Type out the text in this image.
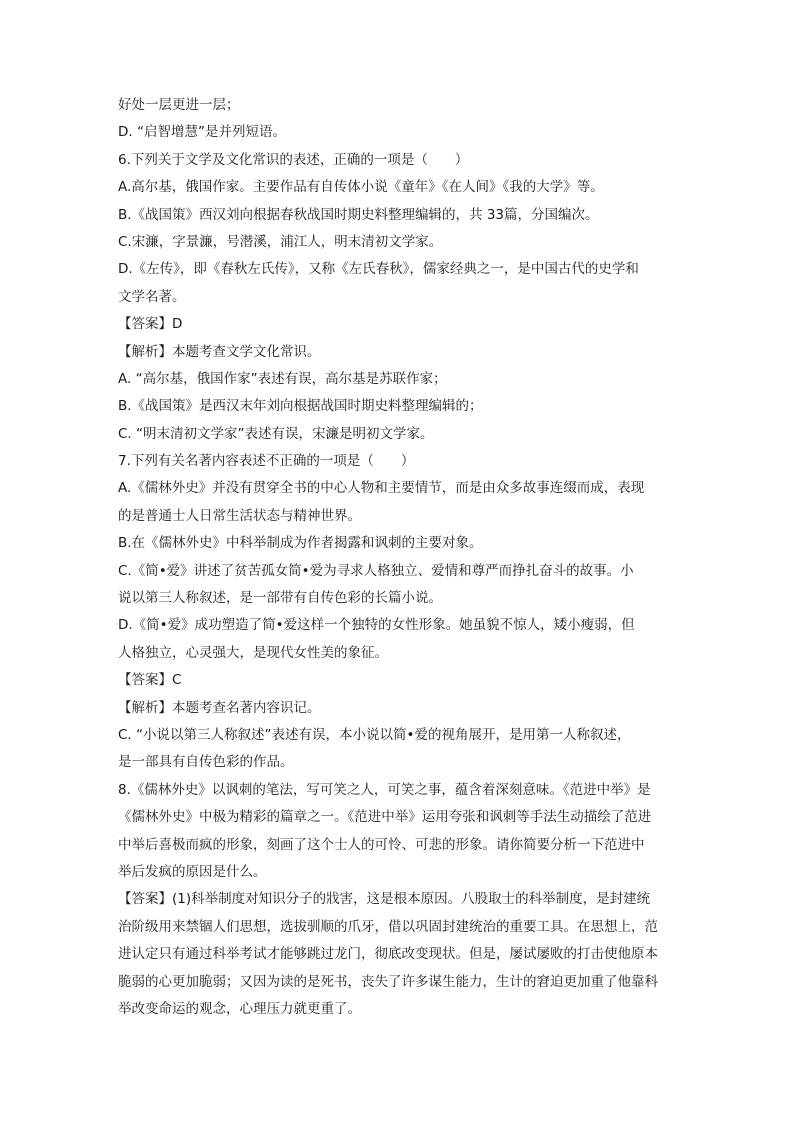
好处一层更进一层；
D. “启智增慧”是并列短语。
6.下列关于文学及文化常识的表述，正确的一项是（　　）
A.高尔基，俄国作家。主要作品有自传体小说《童年》《在人间》《我的大学》等。
B.《战国策》西汉刘向根据春秋战国时期史料整理编辑的，共 33篇，分国编次。
C.宋濂，字景濂，号潜溪，浦江人，明末清初文学家。
D.《左传》，即《春秋左氏传》，又称《左氏春秋》，儒家经典之一，是中国古代的史学和
文学名著。
【答案】D
【解析】本题考查文学文化常识。
A. “高尔基，俄国作家”表述有误，高尔基是苏联作家；
B.《战国策》是西汉末年刘向根据战国时期史料整理编辑的；
C. “明末清初文学家”表述有误，宋濂是明初文学家。
7.下列有关名著内容表述不正确的一项是（　　）
A.《儒林外史》并没有贯穿全书的中心人物和主要情节，而是由众多故事连缀而成，表现
的是普通士人日常生活状态与精神世界。
B.在《儒林外史》中科举制成为作者揭露和讽刺的主要对象。
C.《简•爱》讲述了贫苦孤女简•爱为寻求人格独立、爱情和尊严而挣扎奋斗的故事。小
说以第三人称叙述，是一部带有自传色彩的长篇小说。
D.《简•爱》成功塑造了简•爱这样一个独特的女性形象。她虽貌不惊人，矮小瘦弱，但
人格独立，心灵强大，是现代女性美的象征。
【答案】C
【解析】本题考查名著内容识记。
C. “小说以第三人称叙述”表述有误，本小说以简•爱的视角展开，是用第一人称叙述，
是一部具有自传色彩的作品。
8.《儒林外史》以讽刺的笔法，写可笑之人，可笑之事，蕴含着深刻意味。《范进中举》是
《儒林外史》中极为精彩的篇章之一。《范进中举》运用夸张和讽刺等手法生动描绘了范进
中举后喜极而疯的形象，刻画了这个士人的可怜、可悲的形象。请你简要分析一下范进中
举后发疯的原因是什么。
【答案】(1)科举制度对知识分子的戕害，这是根本原因。八股取士的科举制度，是封建统
治阶级用来禁锢人们思想，选拔驯顺的爪牙，借以巩固封建统治的重要工具。在思想上，范
进认定只有通过科举考试才能够跳过龙门，彻底改变现状。但是，屡试屡败的打击使他原本
脆弱的心更加脆弱；又因为读的是死书，丧失了许多谋生能力，生计的窘迫更加重了他靠科
举改变命运的观念，心理压力就更重了。
